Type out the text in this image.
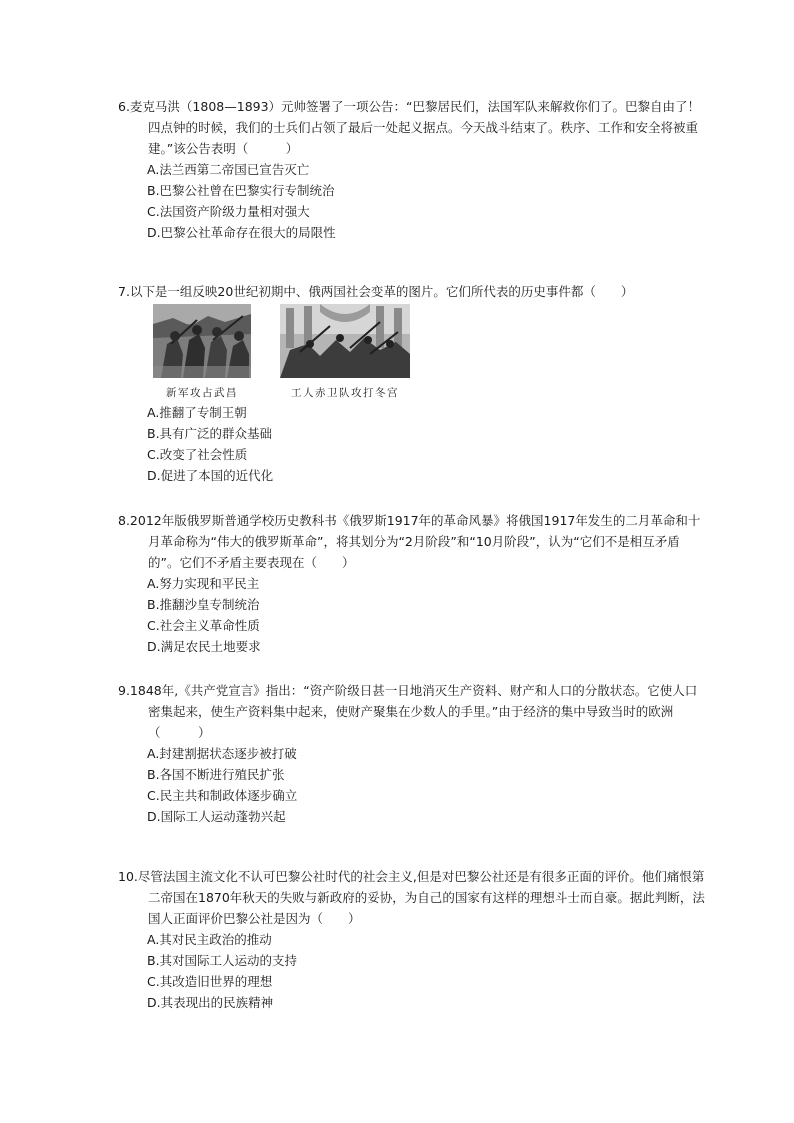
6.麦克马洪（1808—1893）元帅签署了一项公告：“巴黎居民们，法国军队来解救你们了。巴黎自由了！四点钟的时候，我们的士兵们占领了最后一处起义据点。今天战斗结束了。秩序、工作和安全将被重建。”该公告表明（　　　）

A.法兰西第二帝国已宣告灭亡
B.巴黎公社曾在巴黎实行专制统治
C.法国资产阶级力量相对强大
D.巴黎公社革命存在很大的局限性

7.以下是一组反映20世纪初期中、俄两国社会变革的图片。它们所代表的历史事件都（　　）

新军攻占武昌	工人赤卫队攻打冬宫
A.推翻了专制王朝
B.具有广泛的群众基础
C.改变了社会性质
D.促进了本国的近代化

8.2012年版俄罗斯普通学校历史教科书《俄罗斯1917年的革命风暴》将俄国1917年发生的二月革命和十月革命称为“伟大的俄罗斯革命”，将其划分为“2月阶段”和“10月阶段”，认为“它们不是相互矛盾的”。它们不矛盾主要表现在（　　）

A.努力实现和平民主
B.推翻沙皇专制统治
C.社会主义革命性质
D.满足农民土地要求

9.1848年,《共产党宣言》指出：“资产阶级日甚一日地消灭生产资料、财产和人口的分散状态。它使人口密集起来，使生产资料集中起来，使财产聚集在少数人的手里。”由于经济的集中导致当时的欧洲（　　　）

A.封建割据状态逐步被打破
B.各国不断进行殖民扩张
C.民主共和制政体逐步确立
D.国际工人运动蓬勃兴起

10.尽管法国主流文化不认可巴黎公社时代的社会主义,但是对巴黎公社还是有很多正面的评价。他们痛恨第二帝国在1870年秋天的失败与新政府的妥协，为自己的国家有这样的理想斗士而自豪。据此判断，法国人正面评价巴黎公社是因为（　　）

A.其对民主政治的推动
B.其对国际工人运动的支持
C.其改造旧世界的理想
D.其表现出的民族精神
